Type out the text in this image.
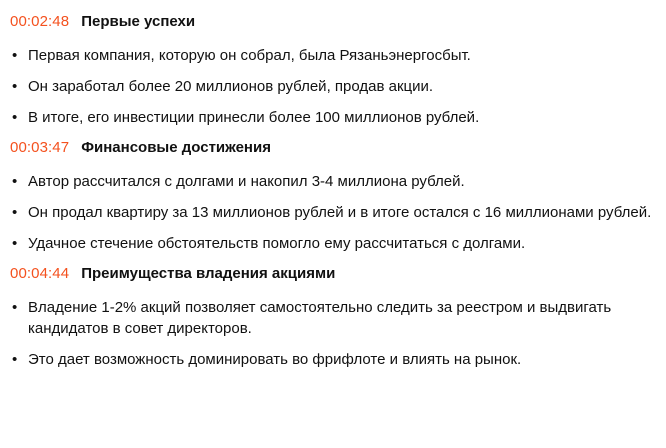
00:02:48 Первые успехи
• Первая компания, которую он собрал, была Рязаньэнергосбыт.
• Он заработал более 20 миллионов рублей, продав акции.
• В итоге, его инвестиции принесли более 100 миллионов рублей.
00:03:47 Финансовые достижения
• Автор рассчитался с долгами и накопил 3-4 миллиона рублей.
• Он продал квартиру за 13 миллионов рублей и в итоге остался с 16 миллионами рублей.
• Удачное стечение обстоятельств помогло ему рассчитаться с долгами.
00:04:44 Преимущества владения акциями
• Владение 1-2% акций позволяет самостоятельно следить за реестром и выдвигать кандидатов в совет директоров.
• Это дает возможность доминировать во фрифлоте и влиять на рынок.
